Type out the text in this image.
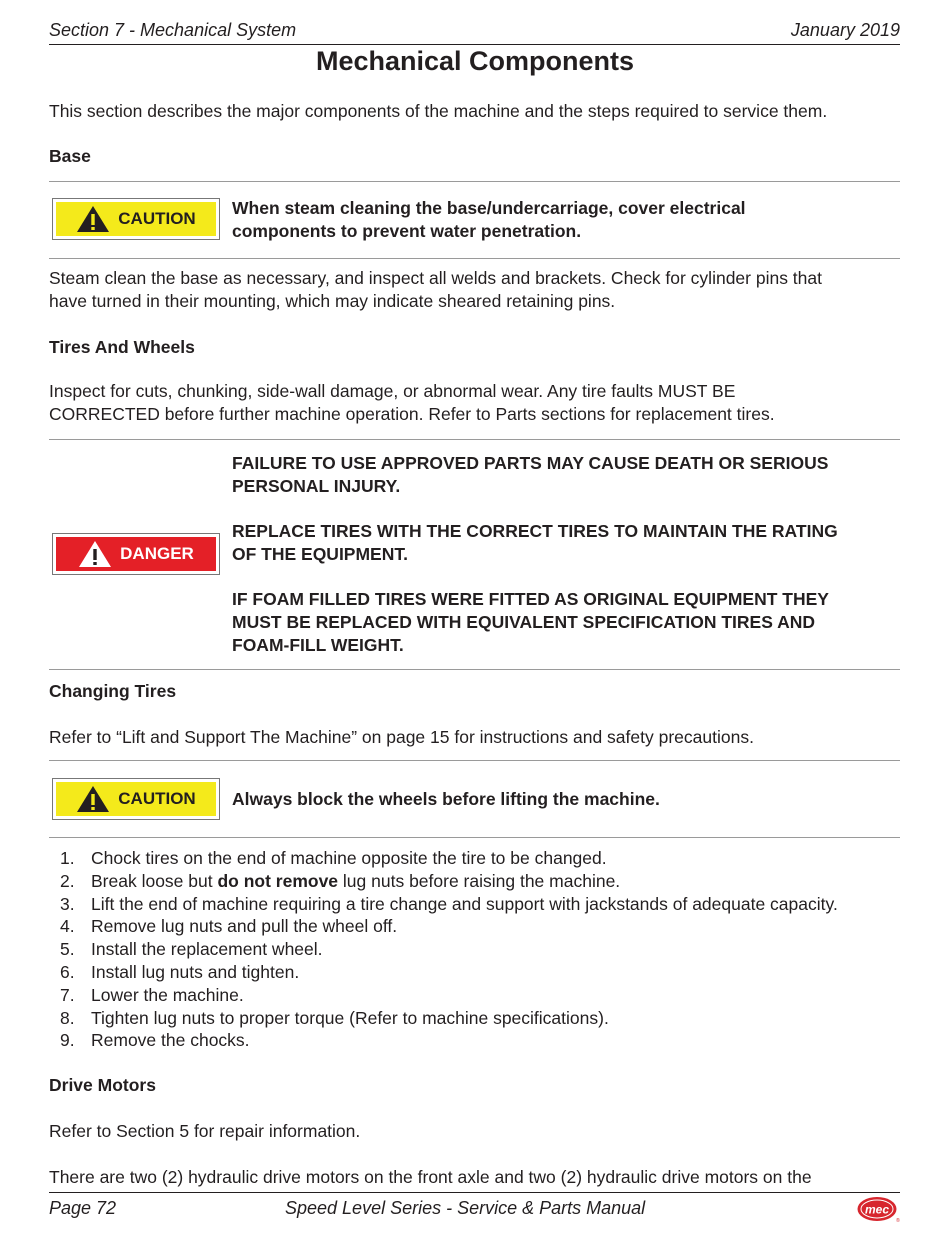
Section 7 - Mechanical System	January 2019
Mechanical Components
This section describes the major components of the machine and the steps required to service them.
Base
CAUTION
When steam cleaning the base/undercarriage, cover electrical
components to prevent water penetration.
Steam clean the base as necessary, and inspect all welds and brackets. Check for cylinder pins that
have turned in their mounting, which may indicate sheared retaining pins.
Tires And Wheels
Inspect for cuts, chunking, side-wall damage, or abnormal wear. Any tire faults MUST BE
CORRECTED before further machine operation. Refer to Parts sections for replacement tires.
DANGER
FAILURE TO USE APPROVED PARTS MAY CAUSE DEATH OR SERIOUS
PERSONAL INJURY.
REPLACE TIRES WITH THE CORRECT TIRES TO MAINTAIN THE RATING
OF THE EQUIPMENT.
IF FOAM FILLED TIRES WERE FITTED AS ORIGINAL EQUIPMENT THEY
MUST BE REPLACED WITH EQUIVALENT SPECIFICATION TIRES AND
FOAM-FILL WEIGHT.
Changing Tires
Refer to “Lift and Support The Machine” on page 15 for instructions and safety precautions.
CAUTION Always block the wheels before lifting the machine.
1. Chock tires on the end of machine opposite the tire to be changed.
2. Break loose but do not remove lug nuts before raising the machine.
3. Lift the end of machine requiring a tire change and support with jackstands of adequate capacity.
4. Remove lug nuts and pull the wheel off.
5. Install the replacement wheel.
6. Install lug nuts and tighten.
7. Lower the machine.
8. Tighten lug nuts to proper torque (Refer to machine specifications).
9. Remove the chocks.
Drive Motors
Refer to Section 5 for repair information.
There are two (2) hydraulic drive motors on the front axle and two (2) hydraulic drive motors on the
Page 72	Speed Level Series - Service & Parts Manual	mec
®
